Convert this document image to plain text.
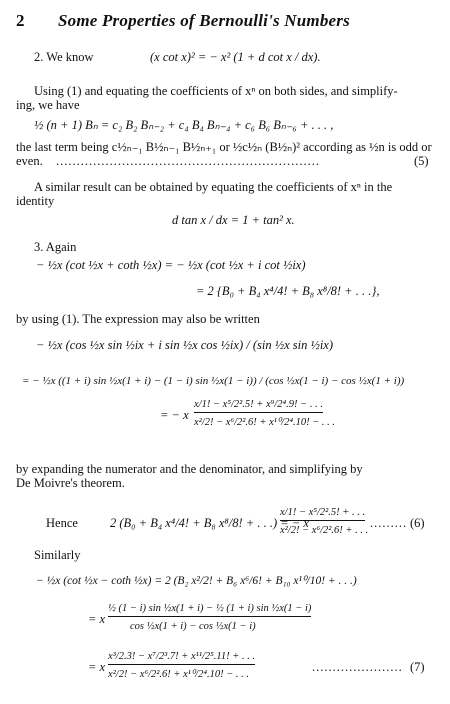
2 Some Properties of Bernoulli's Numbers
2. We know	(x cot x)² = − x² (1 + d cot x / dx).
Using (1) and equating the coefficients of xⁿ on both sides, and simplify-
ing, we have
½ (n + 1) Bₙ = c₂ B₂ Bₙ₋₂ + c₄ B₄ Bₙ₋₄ + c₆ B₆ Bₙ₋₆ + . . . ,
the last term being c½ₙ₋₁ B½ₙ₋₁ B½ₙ₊₁ or ½c½ₙ (B½ₙ)² according as ½n is odd or
even. ................................................................	(5)
A similar result can be obtained by equating the coefficients of xⁿ in the
identity
d tan x / dx = 1 + tan² x.
3. Again
− ½x (cot ½x + coth ½x) = − ½x (cot ½x + i cot ½ix)
= 2 {B₀ + B₄ x⁴/4! + B₈ x⁸/8! + . . .},
by using (1). The expression may also be written
− ½x (cos ½x sin ½ix + i sin ½x cos ½ix) / (sin ½x sin ½ix)
= − ½x ((1 + i) sin ½x(1 + i) − (1 − i) sin ½x(1 − i)) / (cos ½x(1 − i) − cos ½x(1 + i))
= − x
x/1! − x⁵/2².5! + x⁹/2⁴.9! − . . .
x²/2! − x⁶/2².6! + x¹⁰/2⁴.10! − . . .
by expanding the numerator and the denominator, and simplifying by
De Moivre's theorem.
Hence	2 (B₀ + B₄ x⁴/4! + B₈ x⁸/8! + . . .) = − x
x/1! − x⁵/2².5! + . . .
x²/2! − x⁶/2².6! + . . .
......... (6)
Similarly
− ½x (cot ½x − coth ½x) = 2 (B₂ x²/2! + B₆ x⁶/6! + B₁₀ x¹⁰/10! + . . .)
= x
½ (1 − i) sin ½x(1 + i) − ½ (1 + i) sin ½x(1 − i)
cos ½x(1 + i) − cos ½x(1 − i)
= x
x³/2.3! − x⁷/2³.7! + x¹¹/2⁵.11! + . . .
x²/2! − x⁶/2².6! + x¹⁰/2⁴.10! − . . .
...................... (7)
